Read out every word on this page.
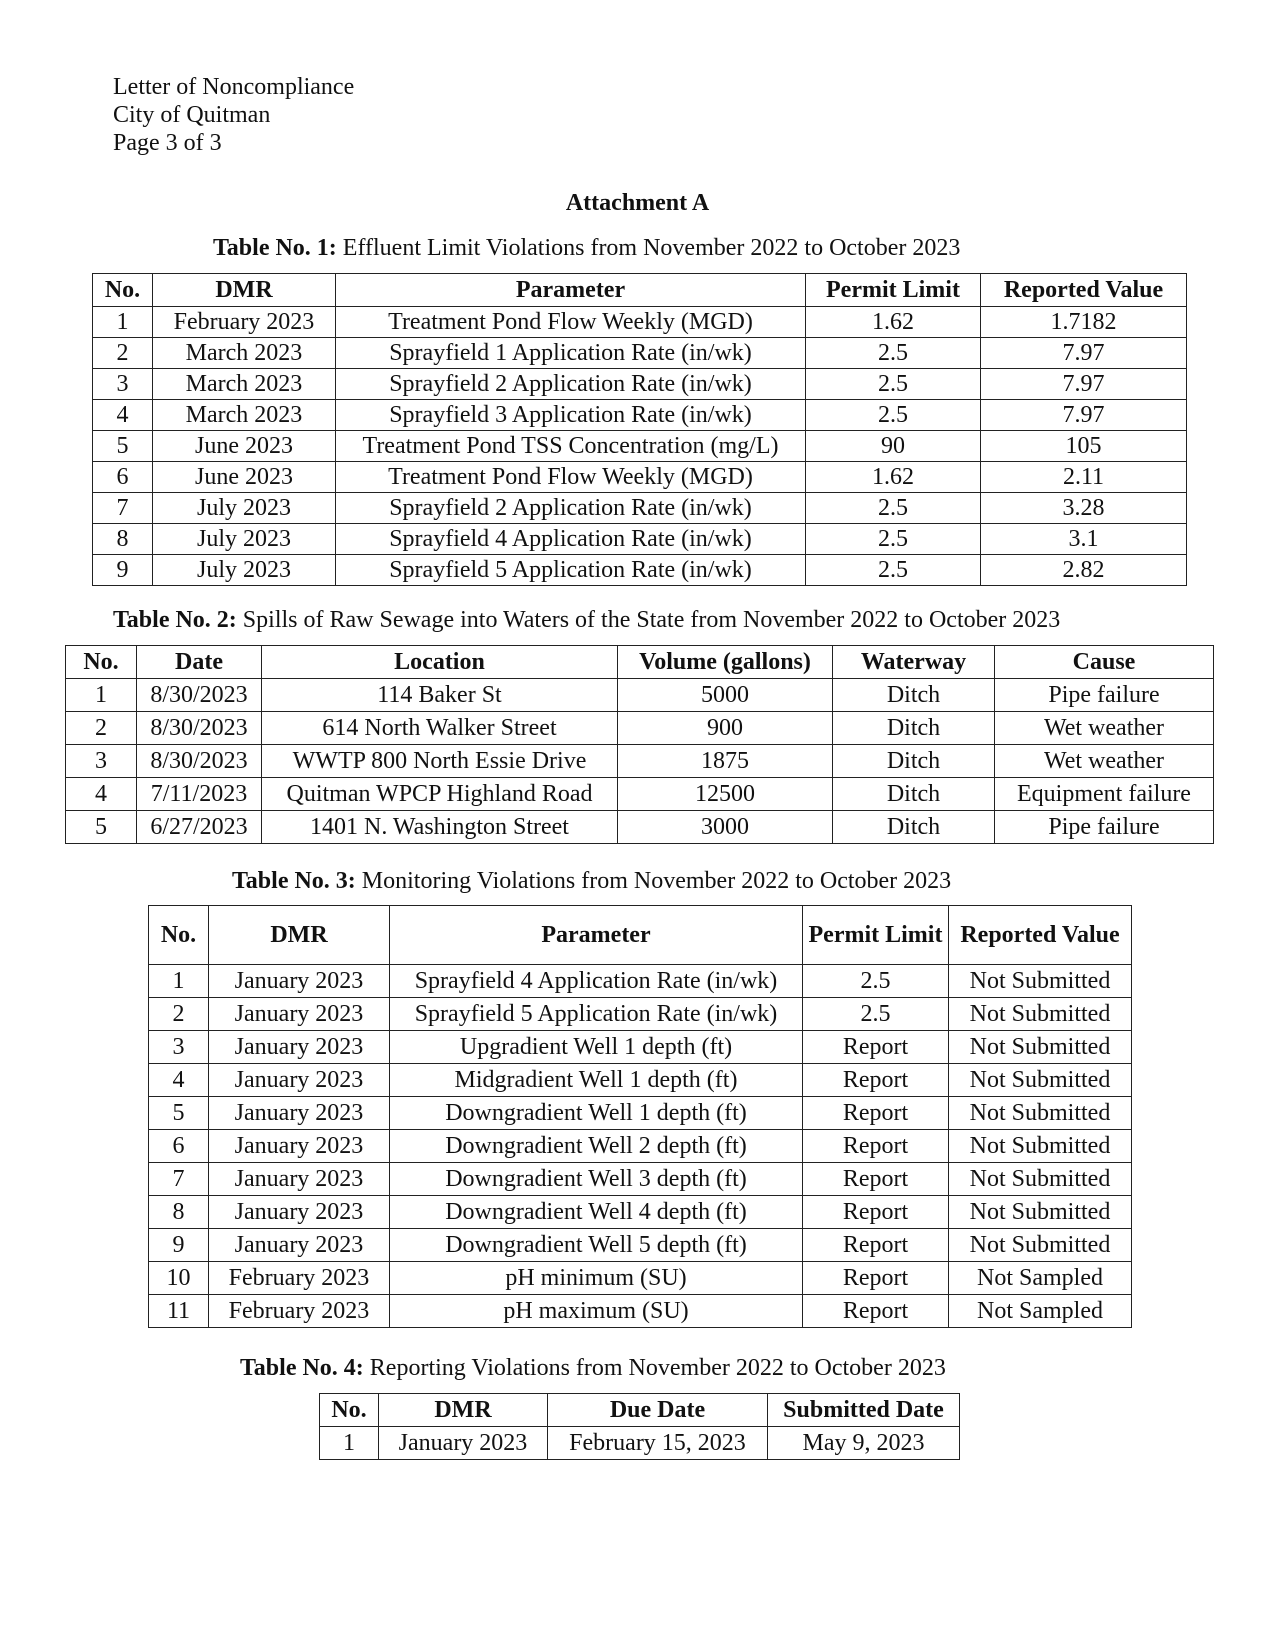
Letter of Noncompliance
City of Quitman
Page 3 of 3
Attachment A
Table No. 1: Effluent Limit Violations from November 2022 to October 2023
No.	DMR	Parameter	Permit Limit	Reported Value
1	February 2023	Treatment Pond Flow Weekly (MGD)	1.62	1.7182
2	March 2023	Sprayfield 1 Application Rate (in/wk)	2.5	7.97
3	March 2023	Sprayfield 2 Application Rate (in/wk)	2.5	7.97
4	March 2023	Sprayfield 3 Application Rate (in/wk)	2.5	7.97
5	June 2023	Treatment Pond TSS Concentration (mg/L)	90	105
6	June 2023	Treatment Pond Flow Weekly (MGD)	1.62	2.11
7	July 2023	Sprayfield 2 Application Rate (in/wk)	2.5	3.28
8	July 2023	Sprayfield 4 Application Rate (in/wk)	2.5	3.1
9	July 2023	Sprayfield 5 Application Rate (in/wk)	2.5	2.82
Table No. 2: Spills of Raw Sewage into Waters of the State from November 2022 to October 2023
No.	Date	Location	Volume (gallons)	Waterway	Cause
1	8/30/2023	114 Baker St	5000	Ditch	Pipe failure
2	8/30/2023	614 North Walker Street	900	Ditch	Wet weather
3	8/30/2023	WWTP 800 North Essie Drive	1875	Ditch	Wet weather
4	7/11/2023	Quitman WPCP Highland Road	12500	Ditch	Equipment failure
5	6/27/2023	1401 N. Washington Street	3000	Ditch	Pipe failure
Table No. 3: Monitoring Violations from November 2022 to October 2023
No.	DMR	Parameter	Permit Limit	Reported Value
1	January 2023	Sprayfield 4 Application Rate (in/wk)	2.5	Not Submitted
2	January 2023	Sprayfield 5 Application Rate (in/wk)	2.5	Not Submitted
3	January 2023	Upgradient Well 1 depth (ft)	Report	Not Submitted
4	January 2023	Midgradient Well 1 depth (ft)	Report	Not Submitted
5	January 2023	Downgradient Well 1 depth (ft)	Report	Not Submitted
6	January 2023	Downgradient Well 2 depth (ft)	Report	Not Submitted
7	January 2023	Downgradient Well 3 depth (ft)	Report	Not Submitted
8	January 2023	Downgradient Well 4 depth (ft)	Report	Not Submitted
9	January 2023	Downgradient Well 5 depth (ft)	Report	Not Submitted
10	February 2023	pH minimum (SU)	Report	Not Sampled
11	February 2023	pH maximum (SU)	Report	Not Sampled
Table No. 4: Reporting Violations from November 2022 to October 2023
No.	DMR	Due Date	Submitted Date
1	January 2023	February 15, 2023	May 9, 2023
